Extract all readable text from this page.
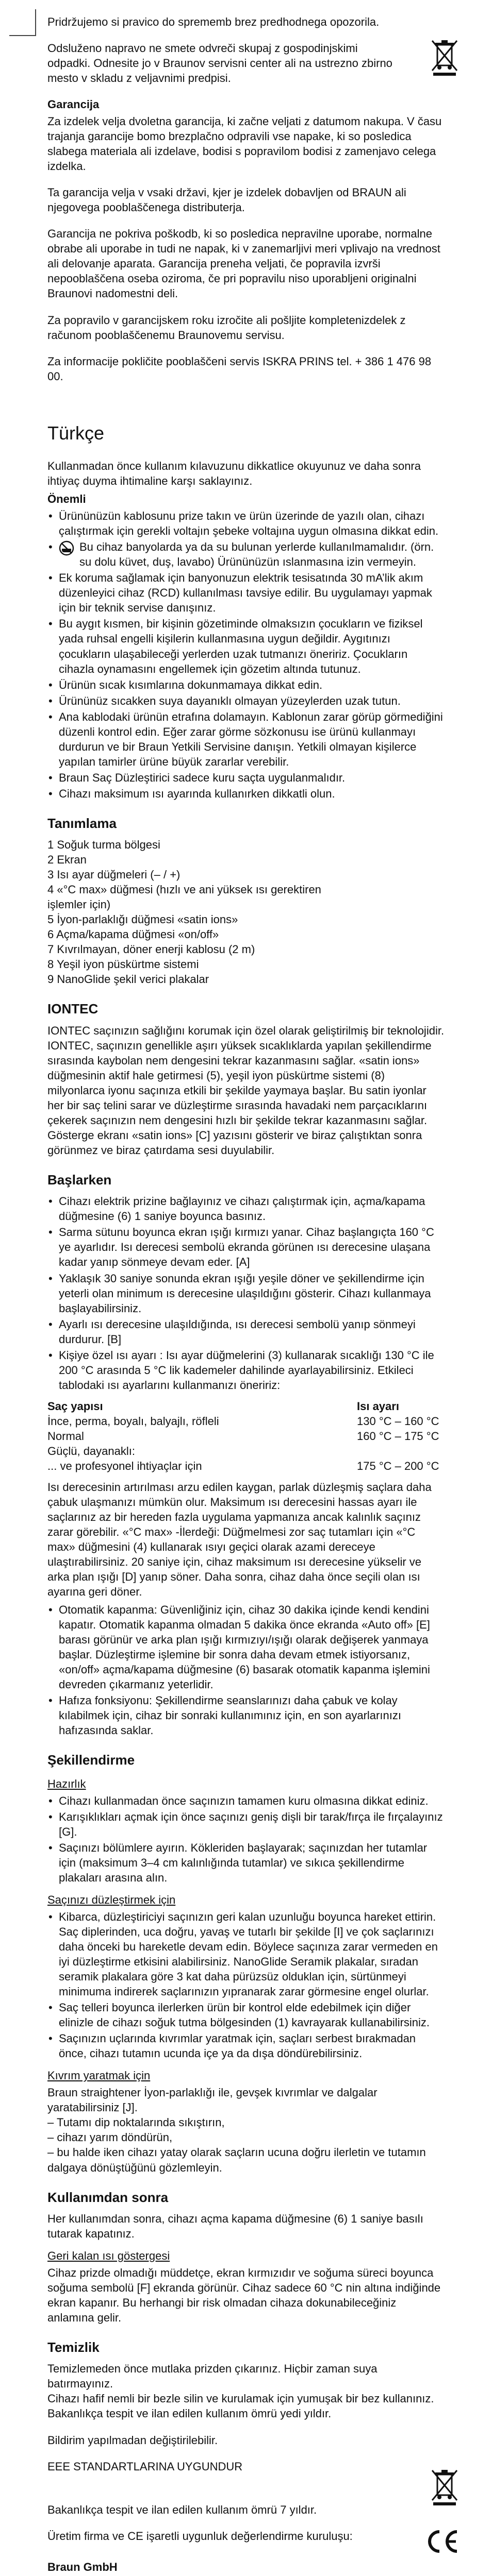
Pridržujemo si pravico do sprememb brez predhodnega opozorila.

Odsluženo napravo ne smete odvreči skupaj z gospodinjskimi odpadki. Odnesite jo v Braunov servisni center ali na ustrezno zbirno mesto v skladu z veljavnimi predpisi.

Garancija

Za izdelek velja dvoletna garancija, ki začne veljati z datumom nakupa. V času trajanja garancije bomo brezplačno odpravili vse napake, ki so posledica slabega materiala ali izdelave, bodisi s popravilom bodisi z zamenjavo celega izdelka.

Ta garancija velja v vsaki državi, kjer je izdelek dobavljen od BRAUN ali njegovega pooblaščenega distributerja.

Garancija ne pokriva poškodb, ki so posledica nepravilne uporabe, normalne obrabe ali uporabe in tudi ne napak, ki v zanemarljivi meri vplivajo na vrednost ali delovanje aparata. Garancija preneha veljati, če popravila izvrši nepooblaščena oseba oziroma, če pri popravilu niso uporabljeni originalni Braunovi nadomestni deli.

Za popravilo v garancijskem roku izročite ali pošljite kompletenizdelek z računom pooblaščenemu Braunovemu servisu.

Za informacije pokličite pooblaščeni servis ISKRA PRINS tel. + 386 1 476 98 00.

Türkçe

Kullanmadan önce kullanım kılavuzunu dikkatlice okuyunuz ve daha sonra ihtiyaç duyma ihtimaline karşı saklayınız.

Önemli
• Ürününüzün kablosunu prize takın ve ürün üzerinde de yazılı olan, cihazı çalıştırmak için gerekli voltajın şebeke voltajına uygun olmasına dikkat edin.
• Bu cihaz banyolarda ya da su bulunan yerlerde kullanılmamalıdır. (örn. su dolu küvet, duş, lavabo) Ürününüzün ıslanmasına izin vermeyin.
• Ek koruma sağlamak için banyonuzun elektrik tesisatında 30 mA’lik akım düzenleyici cihaz (RCD) kullanılması tavsiye edilir. Bu uygulamayı yapmak için bir teknik servise danışınız.
• Bu aygıt kısmen, bir kişinin gözetiminde olmaksızın çocukların ve fiziksel yada ruhsal engelli kişilerin kullanmasına uygun değildir. Aygıtınızı çocukların ulaşabileceği yerlerden uzak tutmanızı öneririz. Çocukların cihazla oynamasını engellemek için gözetim altında tutunuz.
• Ürünün sıcak kısımlarına dokunmamaya dikkat edin.
• Ürününüz sıcakken suya dayanıklı olmayan yüzeylerden uzak tutun.
• Ana kablodaki ürünün etrafına dolamayın. Kablonun zarar görüp görmediğini düzenli kontrol edin. Eğer zarar görme sözkonusu ise ürünü kullanmayı durdurun ve bir Braun Yetkili Servisine danışın. Yetkili olmayan kişilerce yapılan tamirler ürüne büyük zararlar verebilir.
• Braun Saç Düzleştirici sadece kuru saçta uygulanmalıdır.
• Cihazı maksimum ısı ayarında kullanırken dikkatli olun.
Tanımlama
1 Soğuk turma bölgesi
2 Ekran
3 Isı ayar düğmeleri (– / +)
4 «°C max» düğmesi (hızlı ve ani yüksek ısı gerektiren
işlemler için)
5 İyon-parlaklığı düğmesi «satin ions»
6 Açma/kapama düğmesi «on/off»
7 Kıvrılmayan, döner enerji kablosu (2 m)
8 Yeşil iyon püskürtme sistemi
9 NanoGlide şekil verici plakalar
IONTEC

IONTEC saçınızın sağlığını korumak için özel olarak geliştirilmiş bir teknolojidir. IONTEC, saçınızın genellikle aşırı yüksek sıcaklıklarda yapılan şekillendirme sırasında kaybolan nem dengesini tekrar kazanmasını sağlar. «satin ions» düğmesinin aktif hale getirmesi (5), yeşil iyon püskürtme sistemi (8) milyonlarca iyonu saçınıza etkili bir şekilde yaymaya başlar. Bu satin iyonlar her bir saç telini sarar ve düzleştirme sırasında havadaki nem parçacıklarını çekerek saçınızın nem dengesini hızlı bir şekilde tekrar kazanmasını sağlar. Gösterge ekranı «satin ions» [C] yazısını gösterir ve biraz çalıştıktan sonra görünmez ve biraz çatırdama sesi duyulabilir.

Başlarken
• Cihazı elektrik prizine bağlayınız ve cihazı çalıştırmak için, açma/kapama düğmesine (6) 1 saniye boyunca basınız.
• Sarma sütunu boyunca ekran ışığı kırmızı yanar. Cihaz başlangıçta 160 °C ye ayarlıdır. Isı derecesi sembolü ekranda görünen ısı derecesine ulaşana kadar yanıp sönmeye devam eder. [A]
• Yaklaşık 30 saniye sonunda ekran ışığı yeşile döner ve şekillendirme için yeterli olan minimum ıs derecesine ulaşıldığını gösterir. Cihazı kullanmaya başlayabilirsiniz.
• Ayarlı ısı derecesine ulaşıldığında, ısı derecesi sembolü yanıp sönmeyi durdurur. [B]
• Kişiye özel ısı ayarı : Isı ayar düğmelerini (3) kullanarak sıcaklığı 130 °C ile 200 °C arasında 5 °C lik kademeler dahilinde ayarlayabilirsiniz. Etkileci tablodaki ısı ayarlarını kullanmanızı öneririz:
Saç yapısı	Isı ayarı
İnce, perma, boyalı, balyajlı, röfleli	130 °C – 160 °C
Normal	160 °C – 175 °C
Güçlü, dayanaklı:	
... ve profesyonel ihtiyaçlar için	175 °C – 200 °C

Isı derecesinin artırılması arzu edilen kaygan, parlak düzleşmiş saçlara daha çabuk ulaşmanızı mümkün olur. Maksimum ısı derecesini hassas ayarı ile saçlarınız az bir hereden fazla uygulama yapmanıza ancak kalınlık saçınız zarar görebilir. «°C max» -İlerdeği: Düğmelmesi zor saç tutamları için «°C max» düğmesini (4) kullanarak ısıyı geçici olarak azami dereceye ulaştırabilirsiniz. 20 saniye için, cihaz maksimum ısı derecesine yükselir ve arka plan ışığı [D] yanıp söner. Daha sonra, cihaz daha önce seçili olan ısı ayarına geri döner.

• Otomatik kapanma: Güvenliğiniz için, cihaz 30 dakika içinde kendi kendini kapatır. Otomatik kapanma olmadan 5 dakika önce ekranda «Auto off» [E] barası görünür ve arka plan ışığı kırmızıyı/ışığı olarak değişerek yanmaya başlar. Düzleştirme işlemine bir sonra daha devam etmek istiyorsanız, «on/off» açma/kapama düğmesine (6) basarak otomatik kapanma işlemini devreden çıkarmanız yeterlidir.
• Hafıza fonksiyonu: Şekillendirme seanslarınızı daha çabuk ve kolay kılabilmek için, cihaz bir sonraki kullanımınız için, en son ayarlarınızı hafızasında saklar.
Şekillendirme
Hazırlık
• Cihazı kullanmadan önce saçınızın tamamen kuru olmasına dikkat ediniz.
• Karışıklıkları açmak için önce saçınızı geniş dişli bir tarak/fırça ile fırçalayınız [G].
• Saçınızı bölümlere ayırın. Kökleriden başlayarak; saçınızdan her tutamlar için (maksimum 3–4 cm kalınlığında tutamlar) ve sıkıca şekillendirme plakaları arasına alın.
Saçınızı düzleştirmek için
• Kibarca, düzleştiriciyi saçınızın geri kalan uzunluğu boyunca hareket ettirin. Saç diplerinden, uca doğru, yavaş ve tutarlı bir şekilde [I] ve çok saçlarınızı daha önceki bu hareketle devam edin. Böylece saçınıza zarar vermeden en iyi düzleştirme etkisini alabilirsiniz. NanoGlide Seramik plakalar, sıradan seramik plakalara göre 3 kat daha pürüzsüz olduklan için, sürtünmeyi minimuma indirerek saçlarınızın yıpranarak zarar görmesine engel olurlar.
• Saç telleri boyunca ilerlerken ürün bir kontrol elde edebilmek için diğer elinizle de cihazı soğuk tutma bölgesinden (1) kavrayarak kullanabilirsiniz.
• Saçınızın uçlarında kıvrımlar yaratmak için, saçları serbest bırakmadan önce, cihazı tutamın ucunda içe ya da dışa döndürebilirsiniz.
Kıvrım yaratmak için
Braun straightener İyon-parlaklığı ile, gevşek kıvrımlar ve dalgalar yaratabilirsiniz [J].
– Tutamı dip noktalarında sıkıştırın,
– cihazı yarım döndürün,
– bu halde iken cihazı yatay olarak saçların ucuna doğru ilerletin ve tutamın dalgaya dönüştüğünü gözlemleyin.
Kullanımdan sonra

Her kullanımdan sonra, cihazı açma kapama düğmesine (6) 1 saniye basılı tutarak kapatınız.

Geri kalan ısı göstergesi

Cihaz prizde olmadığı müddetçe, ekran kırmızıdır ve soğuma süreci boyunca soğuma sembolü [F] ekranda görünür. Cihaz sadece 60 °C nin altına indiğinde ekran kapanır. Bu herhangi bir risk olmadan cihaza dokunabileceğiniz anlamına gelir.

Temizlik
Temizlemeden önce mutlaka prizden çıkarınız. Hiçbir zaman suya batırmayınız.
Cihazı hafif nemli bir bezle silin ve kurulamak için yumuşak bir bez kullanınız.
Bakanlıkça tespit ve ilan edilen kullanım ömrü yedi yıldır.

Bildirim yapılmadan değiştirilebilir.

EEE STANDARTLARINA UYGUNDUR

Bakanlıkça tespit ve ilan edilen kullanım ömrü 7 yıldır.

Üretim firma ve CE işaretli uygunluk değerlendirme kuruluşu:

Braun GmbH
